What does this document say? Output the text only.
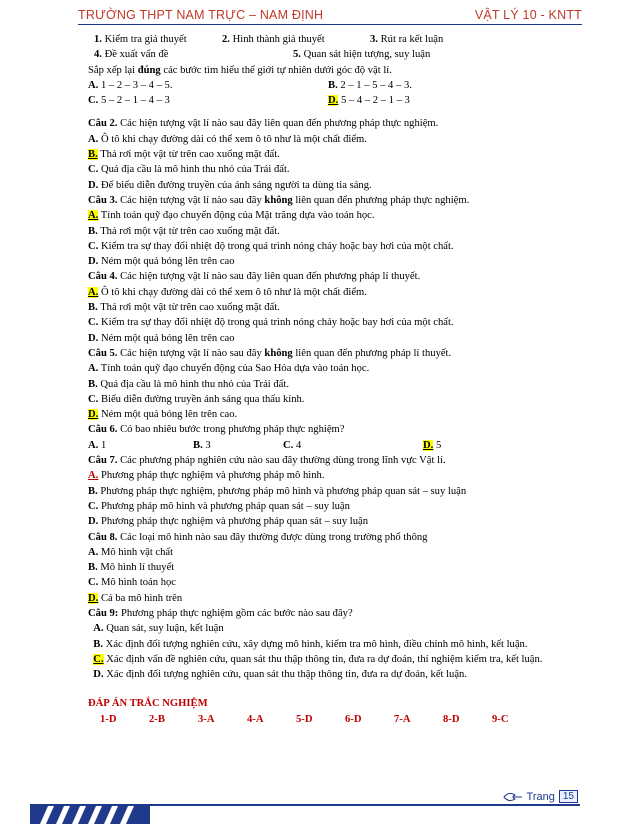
TRƯỜNG THPT NAM TRỰC – NAM ĐỊNH	VẬT LÝ 10 - KNTT
1. Kiểm tra giả thuyết	2. Hình thành giả thuyết	3. Rút ra kết luận
4. Đề xuất vấn đề	5. Quan sát hiện tượng, suy luận
Sắp xếp lại đúng các bước tìm hiểu thế giới tự nhiên dưới góc độ vật lí.
A. 1 – 2 – 3 – 4 – 5.	B. 2 – 1 – 5 – 4 – 3.
C. 5 – 2 – 1 – 4 – 3	D. 5 – 4 – 2 – 1 – 3
Câu 2. Các hiện tượng vật lí nào sau đây liên quan đến phương pháp thực nghiệm.
A. Ô tô khi chạy đường dài có thể xem ô tô như là một chất điểm.
B. Thả rơi một vật từ trên cao xuống mặt đất.
C. Quả địa cầu là mô hình thu nhỏ của Trái đất.
D. Để biểu diễn đường truyền của ánh sáng người ta dùng tia sáng.
Câu 3. Các hiện tượng vật lí nào sau đây không liên quan đến phương pháp thực nghiệm.
A. Tính toán quỹ đạo chuyển động của Mặt trăng dựa vào toán học.
B. Thả rơi một vật từ trên cao xuống mặt đất.
C. Kiểm tra sự thay đổi nhiệt độ trong quá trình nóng chảy hoặc bay hơi của một chất.
D. Ném một quả bóng lên trên cao
Câu 4. Các hiện tượng vật lí nào sau đây liên quan đến phương pháp lí thuyết.
A. Ô tô khi chạy đường dài có thể xem ô tô như là một chất điểm.
B. Thả rơi một vật từ trên cao xuống mặt đất.
C. Kiểm tra sự thay đổi nhiệt độ trong quá trình nóng chảy hoặc bay hơi của một chất.
D. Ném một quả bóng lên trên cao
Câu 5. Các hiện tượng vật lí nào sau đây không liên quan đến phương pháp lí thuyết.
A. Tính toán quỹ đạo chuyển động của Sao Hỏa dựa vào toán học.
B. Quả địa cầu là mô hình thu nhỏ của Trái đất.
C. Biểu diễn đường truyền ánh sáng qua thấu kính.
D. Ném một quả bóng lên trên cao.
Câu 6. Có bao nhiêu bước trong phương pháp thực nghiệm?
A. 1	B. 3	C. 4	D. 5
Câu 7. Các phương pháp nghiên cứu nào sau đây thường dùng trong lĩnh vực Vật lí.
A. Phương pháp thực nghiệm và phương pháp mô hình.
B. Phương pháp thực nghiệm, phương pháp mô hình và phương pháp quan sát – suy luận
C. Phương pháp mô hình và phương pháp quan sát – suy luận
D. Phương pháp thực nghiệm và phương pháp quan sát – suy luận
Câu 8. Các loại mô hình nào sau đây thường được dùng trong trường phổ thông
A. Mô hình vật chất
B. Mô hình lí thuyết
C. Mô hình toán học
D. Cả ba mô hình trên
Câu 9: Phương pháp thực nghiệm gồm các bước nào sau đây?
A. Quan sát, suy luận, kết luận
B. Xác định đối tượng nghiên cứu, xây dựng mô hình, kiểm tra mô hình, điều chỉnh mô hình, kết luận.
C. Xác định vấn đề nghiên cứu, quan sát thu thập thông tin, đưa ra dự đoán, thí nghiệm kiểm tra, kết luận.
D. Xác định đối tượng nghiên cứu, quan sát thu thập thông tin, đưa ra dự đoán, kết luận.
ĐÁP ÁN TRẮC NGHIỆM
1-D	2-B	3-A	4-A	5-D	6-D	7-A	8-D	9-C
Trang 15
